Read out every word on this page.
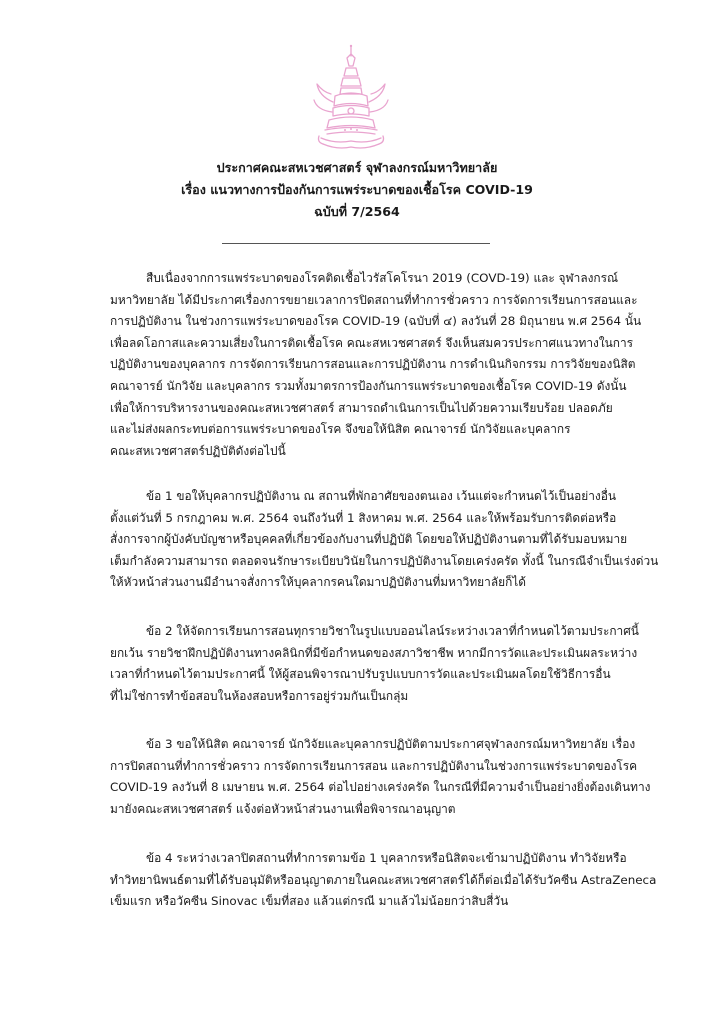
ประกาศคณะสหเวชศาสตร์ จุฬาลงกรณ์มหาวิทยาลัย
เรื่อง แนวทางการป้องกันการแพร่ระบาดของเชื้อโรค COVID-19
ฉบับที่ 7/2564
สืบเนื่องจากการแพร่ระบาดของโรคติดเชื้อไวรัสโคโรนา 2019 (COVD-19) และ จุฬาลงกรณ์
มหาวิทยาลัย ได้มีประกาศเรื่องการขยายเวลาการปิดสถานที่ทำการชั่วคราว การจัดการเรียนการสอนและ
การปฏิบัติงาน ในช่วงการแพร่ระบาดของโรค COVID-19 (ฉบับที่ ๔) ลงวันที่ 28 มิถุนายน พ.ศ 2564 นั้น
เพื่อลดโอกาสและความเสี่ยงในการติดเชื้อโรค คณะสหเวชศาสตร์ จึงเห็นสมควรประกาศแนวทางในการ
ปฏิบัติงานของบุคลากร การจัดการเรียนการสอนและการปฏิบัติงาน การดำเนินกิจกรรม การวิจัยของนิสิต
คณาจารย์ นักวิจัย และบุคลากร รวมทั้งมาตรการป้องกันการแพร่ระบาดของเชื้อโรค COVID-19 ดังนั้น
เพื่อให้การบริหารงานของคณะสหเวชศาสตร์ สามารถดำเนินการเป็นไปด้วยความเรียบร้อย ปลอดภัย
และไม่ส่งผลกระทบต่อการแพร่ระบาดของโรค จึงขอให้นิสิต คณาจารย์ นักวิจัยและบุคลากร
คณะสหเวชศาสตร์ปฏิบัติดังต่อไปนี้
ข้อ 1 ขอให้บุคลากรปฏิบัติงาน ณ สถานที่พักอาศัยของตนเอง เว้นแต่จะกำหนดไว้เป็นอย่างอื่น
ตั้งแต่วันที่ 5 กรกฎาคม พ.ศ. 2564 จนถึงวันที่ 1 สิงหาคม พ.ศ. 2564 และให้พร้อมรับการติดต่อหรือ
สั่งการจากผู้บังคับบัญชาหรือบุคคลที่เกี่ยวข้องกับงานที่ปฏิบัติ โดยขอให้ปฏิบัติงานตามที่ได้รับมอบหมาย
เต็มกำลังความสามารถ ตลอดจนรักษาระเบียบวินัยในการปฏิบัติงานโดยเคร่งครัด ทั้งนี้ ในกรณีจำเป็นเร่งด่วน
ให้หัวหน้าส่วนงานมีอำนาจสั่งการให้บุคลากรคนใดมาปฏิบัติงานที่มหาวิทยาลัยก็ได้
ข้อ 2 ให้จัดการเรียนการสอนทุกรายวิชาในรูปแบบออนไลน์ระหว่างเวลาที่กำหนดไว้ตามประกาศนี้
ยกเว้น รายวิชาฝึกปฏิบัติงานทางคลินิกที่มีข้อกำหนดของสภาวิชาชีพ หากมีการวัดและประเมินผลระหว่าง
เวลาที่กำหนดไว้ตามประกาศนี้ ให้ผู้สอนพิจารณาปรับรูปแบบการวัดและประเมินผลโดยใช้วิธีการอื่น
ที่ไม่ใช่การทำข้อสอบในห้องสอบหรือการอยู่ร่วมกันเป็นกลุ่ม
ข้อ 3 ขอให้นิสิต คณาจารย์ นักวิจัยและบุคลากรปฏิบัติตามประกาศจุฬาลงกรณ์มหาวิทยาลัย เรื่อง
การปิดสถานที่ทำการชั่วคราว การจัดการเรียนการสอน และการปฏิบัติงานในช่วงการแพร่ระบาดของโรค
COVID-19 ลงวันที่ 8 เมษายน พ.ศ. 2564 ต่อไปอย่างเคร่งครัด ในกรณีที่มีความจำเป็นอย่างยิ่งต้องเดินทาง
มายังคณะสหเวชศาสตร์ แจ้งต่อหัวหน้าส่วนงานเพื่อพิจารณาอนุญาต
ข้อ 4 ระหว่างเวลาปิดสถานที่ทำการตามข้อ 1 บุคลากรหรือนิสิตจะเข้ามาปฏิบัติงาน ทำวิจัยหรือ
ทำวิทยานิพนธ์ตามที่ได้รับอนุมัติหรืออนุญาตภายในคณะสหเวชศาสตร์ได้ก็ต่อเมื่อได้รับวัคซีน AstraZeneca
เข็มแรก หรือวัคซีน Sinovac เข็มที่สอง แล้วแต่กรณี มาแล้วไม่น้อยกว่าสิบสี่วัน
